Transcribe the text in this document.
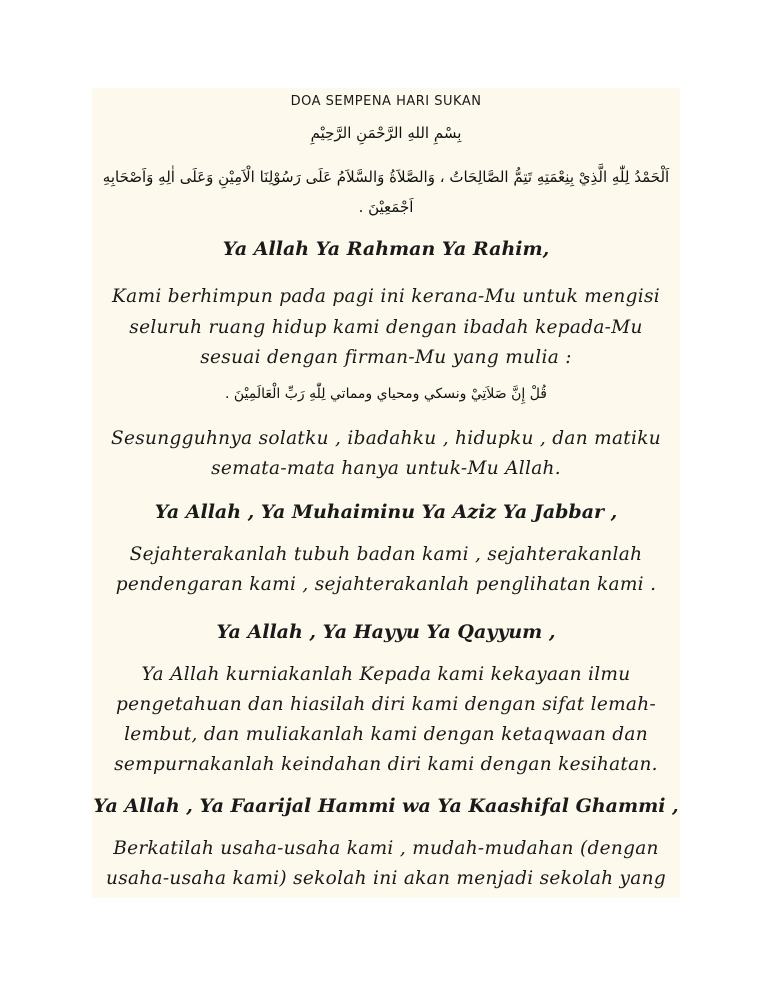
DOA SEMPENA HARI SUKAN
بِسْمِ اللهِ الرَّحْمَنِ الرَّحِيْمِ
اَلْحَمْدُ لِلّٰهِ الَّذِيْ بِنِعْمَتِهِ تَتِمُّ الصَّالِحَاتُ ، وَالصَّلاَةُ وَالسَّلاَمُ عَلَى رَسُوْلِنَا الْاَمِيْنِ وَعَلَى اٰلِهِ وَاَصْحَابِهِ
اَجْمَعِيْنَ .
Ya Allah Ya Rahman Ya Rahim,
Kami berhimpun pada pagi ini kerana-Mu untuk mengisi
seluruh ruang hidup kami dengan ibadah kepada-Mu
sesuai dengan firman-Mu yang mulia :
قُلْ إِنَّ صَلاَتِيْ ونسكي ومحياي ومماتي لِلّٰهِ رَبِّ الْعَالَمِيْنَ .
Sesungguhnya solatku , ibadahku , hidupku , dan matiku
semata-mata hanya untuk-Mu Allah.
Ya Allah , Ya Muhaiminu Ya Aziz Ya Jabbar ,
Sejahterakanlah tubuh badan kami , sejahterakanlah
pendengaran kami , sejahterakanlah penglihatan kami .
Ya Allah , Ya Hayyu Ya Qayyum ,
Ya Allah kurniakanlah Kepada kami kekayaan ilmu
pengetahuan dan hiasilah diri kami dengan sifat lemah-
lembut, dan muliakanlah kami dengan ketaqwaan dan
sempurnakanlah keindahan diri kami dengan kesihatan.
Ya Allah , Ya Faarijal Hammi wa Ya Kaashifal Ghammi ,
Berkatilah usaha-usaha kami , mudah-mudahan (dengan
usaha-usaha kami) sekolah ini akan menjadi sekolah yang
